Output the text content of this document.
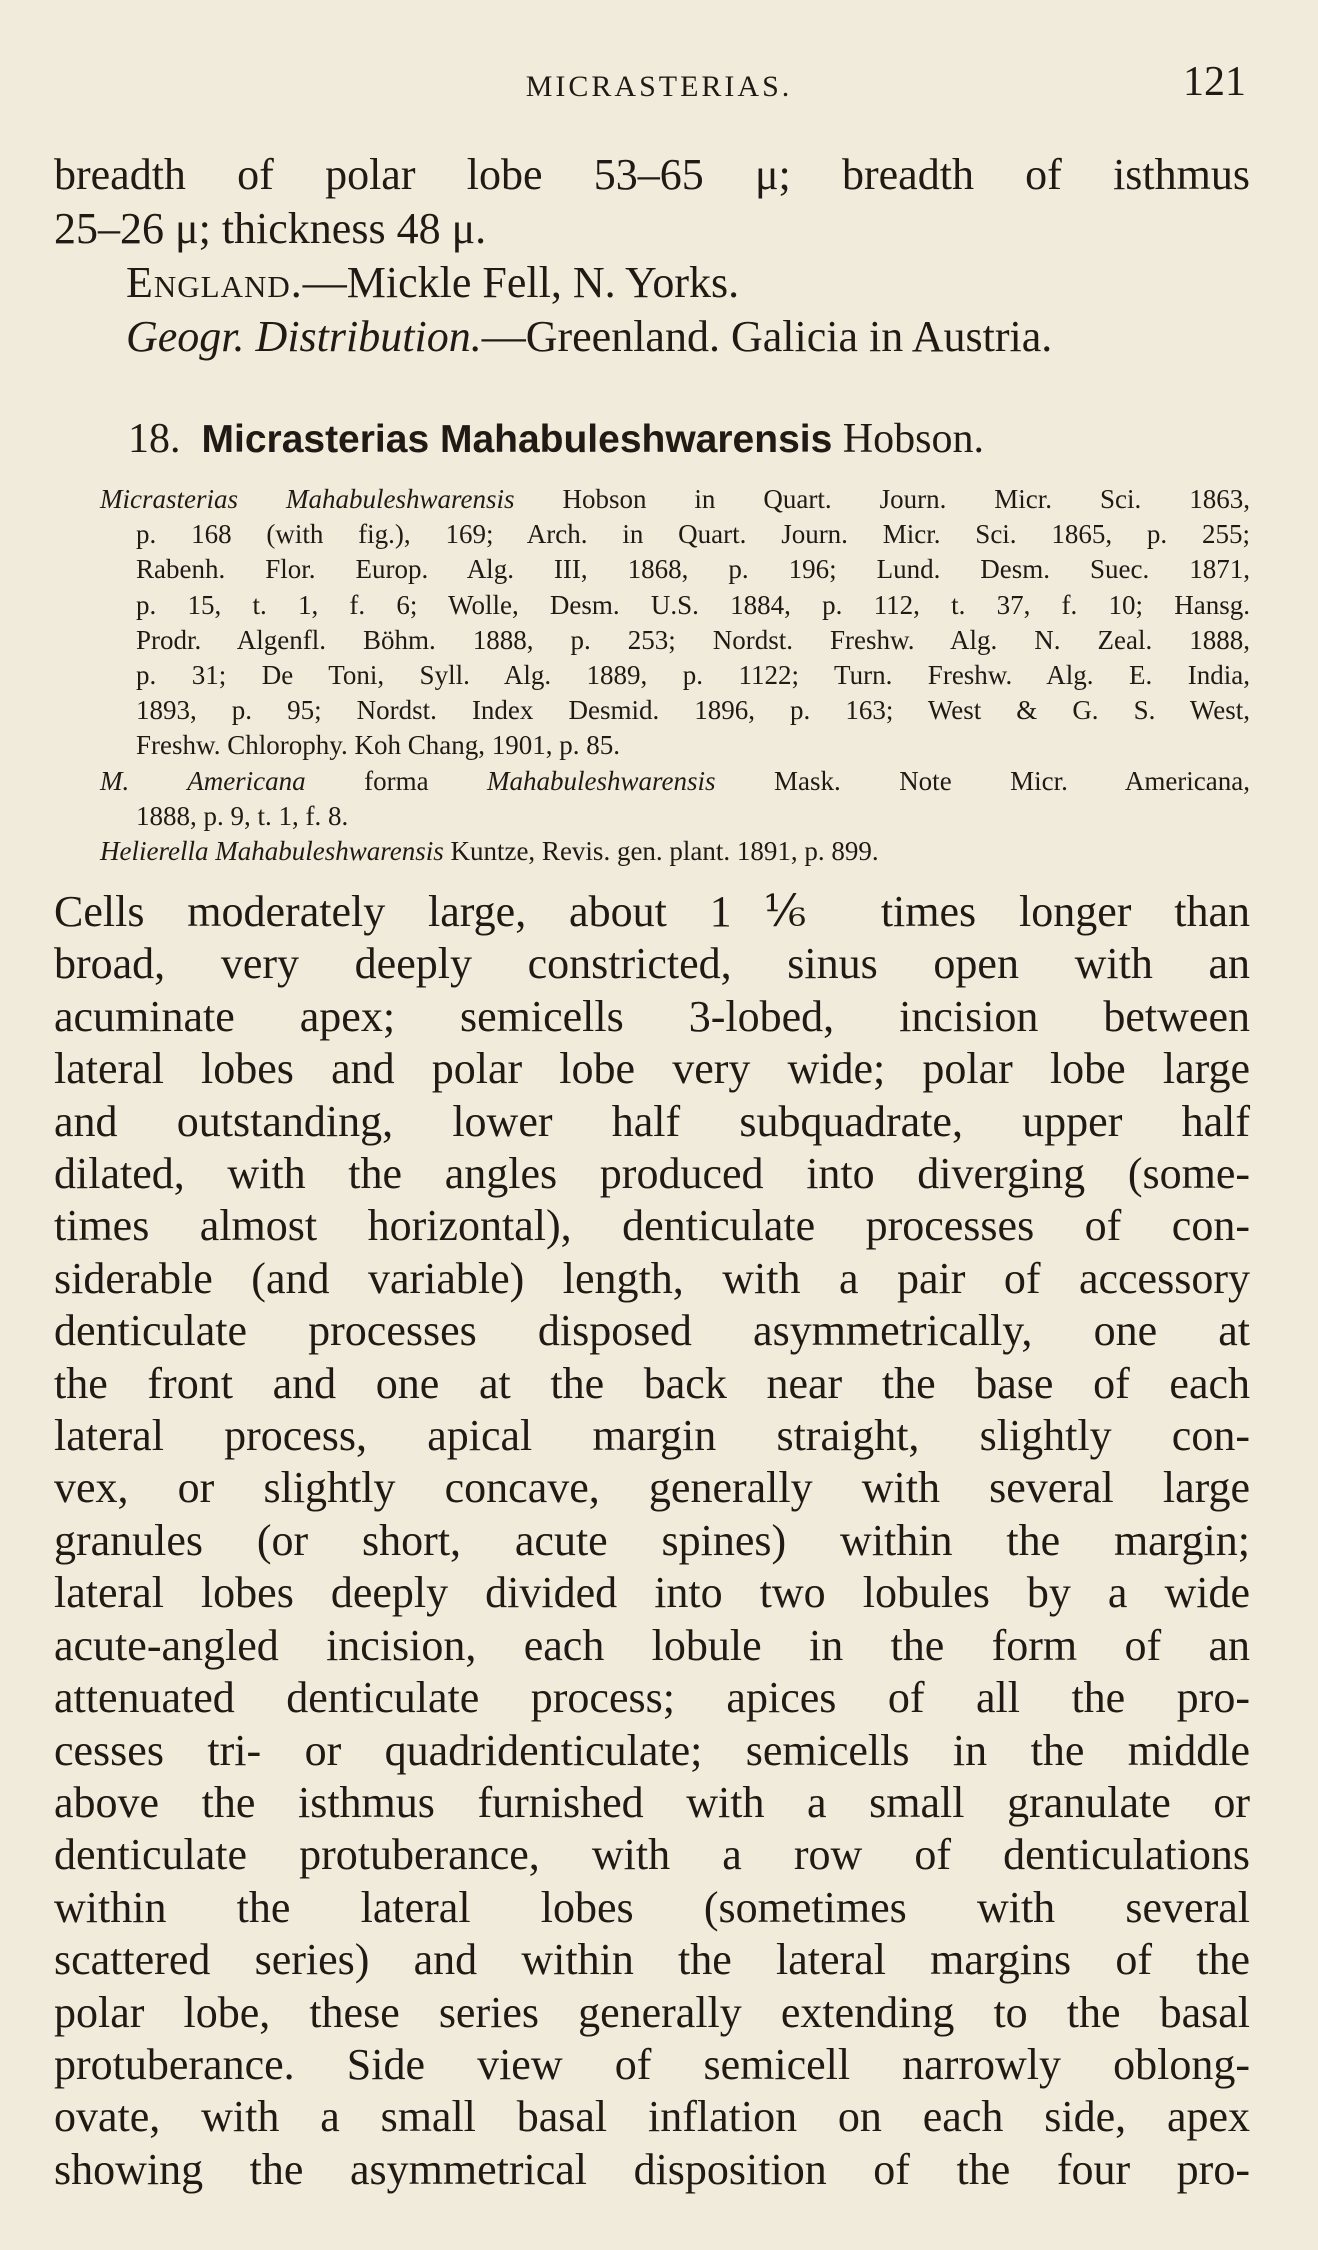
MICRASTERIAS.	121
breadth of polar lobe 53–65 μ; breadth of isthmus
25–26 μ; thickness 48 μ.
England.—Mickle Fell, N. Yorks.
Geogr. Distribution.—Greenland. Galicia in Austria.
18. Micrasterias Mahabuleshwarensis Hobson.
Micrasterias Mahabuleshwarensis Hobson in Quart. Journ. Micr. Sci. 1863,
p. 168 (with fig.), 169; Arch. in Quart. Journ. Micr. Sci. 1865, p. 255;
Rabenh. Flor. Europ. Alg. III, 1868, p. 196; Lund. Desm. Suec. 1871,
p. 15, t. 1, f. 6; Wolle, Desm. U.S. 1884, p. 112, t. 37, f. 10; Hansg.
Prodr. Algenfl. Böhm. 1888, p. 253; Nordst. Freshw. Alg. N. Zeal. 1888,
p. 31; De Toni, Syll. Alg. 1889, p. 1122; Turn. Freshw. Alg. E. India,
1893, p. 95; Nordst. Index Desmid. 1896, p. 163; West & G. S. West,
Freshw. Chlorophy. Koh Chang, 1901, p. 85.
M. Americana forma Mahabuleshwarensis Mask. Note Micr. Americana,
1888, p. 9, t. 1, f. 8.
Helierella Mahabuleshwarensis Kuntze, Revis. gen. plant. 1891, p. 899.
Cells moderately large, about 1⅙ times longer than
broad, very deeply constricted, sinus open with an
acuminate apex; semicells 3-lobed, incision between
lateral lobes and polar lobe very wide; polar lobe large
and outstanding, lower half subquadrate, upper half
dilated, with the angles produced into diverging (some-
times almost horizontal), denticulate processes of con-
siderable (and variable) length, with a pair of accessory
denticulate processes disposed asymmetrically, one at
the front and one at the back near the base of each
lateral process, apical margin straight, slightly con-
vex, or slightly concave, generally with several large
granules (or short, acute spines) within the margin;
lateral lobes deeply divided into two lobules by a wide
acute-angled incision, each lobule in the form of an
attenuated denticulate process; apices of all the pro-
cesses tri- or quadridenticulate; semicells in the middle
above the isthmus furnished with a small granulate or
denticulate protuberance, with a row of denticulations
within the lateral lobes (sometimes with several
scattered series) and within the lateral margins of the
polar lobe, these series generally extending to the basal
protuberance. Side view of semicell narrowly oblong-
ovate, with a small basal inflation on each side, apex
showing the asymmetrical disposition of the four pro-
